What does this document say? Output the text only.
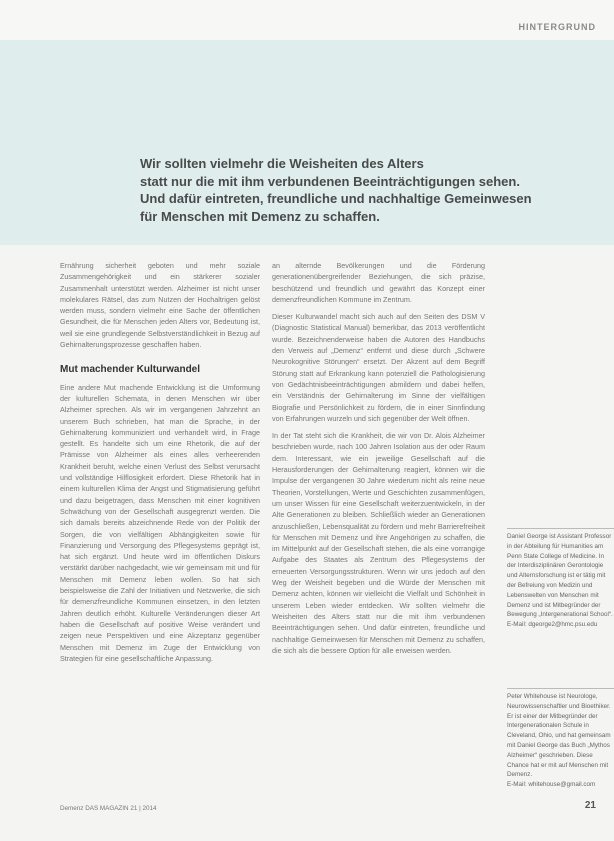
HINTERGRUND
Wir sollten vielmehr die Weisheiten des Alters
statt nur die mit ihm verbundenen Beeinträchtigungen sehen.
Und dafür eintreten, freundliche und nachhaltige Gemeinwesen
für Menschen mit Demenz zu schaffen.

Ernährung sicherheit geboten und mehr soziale Zusammengehörigkeit und ein stärkerer sozialer Zusammenhalt unterstützt werden. Alzheimer ist nicht unser molekulares Rätsel, das zum Nutzen der Hochaltrigen gelöst werden muss, sondern vielmehr eine Sache der öffentlichen Gesundheit, die für Menschen jeden Alters vor, Bedeutung ist, weil sie eine grundlegende Selbstverständlichkeit in Bezug auf Gehirnalterungsprozesse geschaffen haben.

Mut machender Kulturwandel

Eine andere Mut machende Entwicklung ist die Umformung der kulturellen Schemata, in denen Menschen wir über Alzheimer sprechen. Als wir im vergangenen Jahrzehnt an unserem Buch schrieben, hat man die Sprache, in der Gehirnalterung kommuniziert und verhandelt wird, in Frage gestellt. Es handelte sich um eine Rhetorik, die auf der Prämisse von Alzheimer als eines alles verheerenden Krankheit beruht, welche einen Verlust des Selbst verursacht und vollständige Hilflosigkeit erfordert. Diese Rhetorik hat in einem kulturellen Klima der Angst und Stigmatisierung geführt und dazu beigetragen, dass Menschen mit einer kognitiven Schwächung von der Gesellschaft ausgegrenzt werden. Die sich damals bereits abzeichnende Rede von der Politik der Sorgen, die von vielfältigen Abhängigkeiten sowie für Finanzierung und Versorgung des Pflegesystems geprägt ist, hat sich ergänzt. Und heute wird im öffentlichen Diskurs verstärkt darüber nachgedacht, wie wir gemeinsam mit und für Menschen mit Demenz leben wollen. So hat sich beispielsweise die Zahl der Initiativen und Netzwerke, die sich für demenzfreundliche Kommunen einsetzen, in den letzten Jahren deutlich erhöht. Kulturelle Veränderungen dieser Art haben die Gesellschaft auf positive Weise verändert und zeigen neue Perspektiven und eine Akzeptanz gegenüber Menschen mit Demenz im Zuge der Entwicklung von Strategien für eine gesellschaftliche Anpassung.

an alternde Bevölkerungen und die Förderung generationenübergreifender Beziehungen, die sich präzise, beschützend und freundlich und gewährt das Konzept einer demenzfreundlichen Kommune im Zentrum.

Dieser Kulturwandel macht sich auch auf den Seiten des DSM V (Diagnostic Statistical Manual) bemerkbar, das 2013 veröffentlicht wurde. Bezeichnenderweise haben die Autoren des Handbuchs den Verweis auf „Demenz“ entfernt und diese durch „Schwere Neurokognitive Störungen“ ersetzt. Der Akzent auf dem Begriff Störung statt auf Erkrankung kann potenziell die Pathologisierung von Gedächtnisbeeinträchtigungen abmildern und dabei helfen, ein Verständnis der Gehirnalterung im Sinne der vielfältigen Biografie und Persönlichkeit zu fördern, die in einer Sinnfindung von Erfahrungen wurzeln und sich gegenüber der Welt öffnen.

In der Tat steht sich die Krankheit, die wir von Dr. Alois Alzheimer beschrieben wurde, nach 100 Jahren Isolation aus der oder Raum dem. Interessant, wie ein jeweilige Gesellschaft auf die Herausforderungen der Gehirnalterung reagiert, können wir die Impulse der vergangenen 30 Jahre wiederum nicht als reine neue Theorien, Vorstellungen, Werte und Geschichten zusammenfügen, um unser Wissen für eine Gesellschaft weiterzuentwickeln, in der Alte Generationen zu bleiben. Schließlich wieder an Generationen anzuschließen, Lebensqualität zu fördern und mehr Barrierefreiheit für Menschen mit Demenz und ihre Angehörigen zu schaffen, die im Mittelpunkt auf der Gesellschaft stehen, die als eine vorrangige Aufgabe des Staates als Zentrum des Pflegesystems der erneuerten Versorgungsstrukturen. Wenn wir uns jedoch auf den Weg der Weisheit begeben und die Würde der Menschen mit Demenz achten, können wir vielleicht die Vielfalt und Schönheit in unserem Leben wieder entdecken. Wir sollten vielmehr die Weisheiten des Alters statt nur die mit ihm verbundenen Beeinträchtigungen sehen. Und dafür eintreten, freundliche und nachhaltige Gemeinwesen für Menschen mit Demenz zu schaffen, die sich als die bessere Option für alle erweisen werden.

Daniel George ist Assistant Professor in der Abteilung für Humanities am Penn State College of Medicine. In der Interdisziplinären Gerontologie und Alternsforschung ist er tätig mit der Befreiung von Medizin und Lebenswelten von Menschen mit Demenz und ist Mitbegründer der Bewegung „Intergenerational School“.
E-Mail: dgeorge2@hmc.psu.edu
Peter Whitehouse ist Neurologe, Neurowissenschaftler und Bioethiker. Er ist einer der Mitbegründer der Intergenerationalen Schule in Cleveland, Ohio, und hat gemeinsam mit Daniel George das Buch „Mythos Alzheimer“ geschrieben. Diese Chance hat er mit auf Menschen mit Demenz.
E-Mail: whitehouse@gmail.com
Demenz DAS MAGAZIN 21 | 2014	21
